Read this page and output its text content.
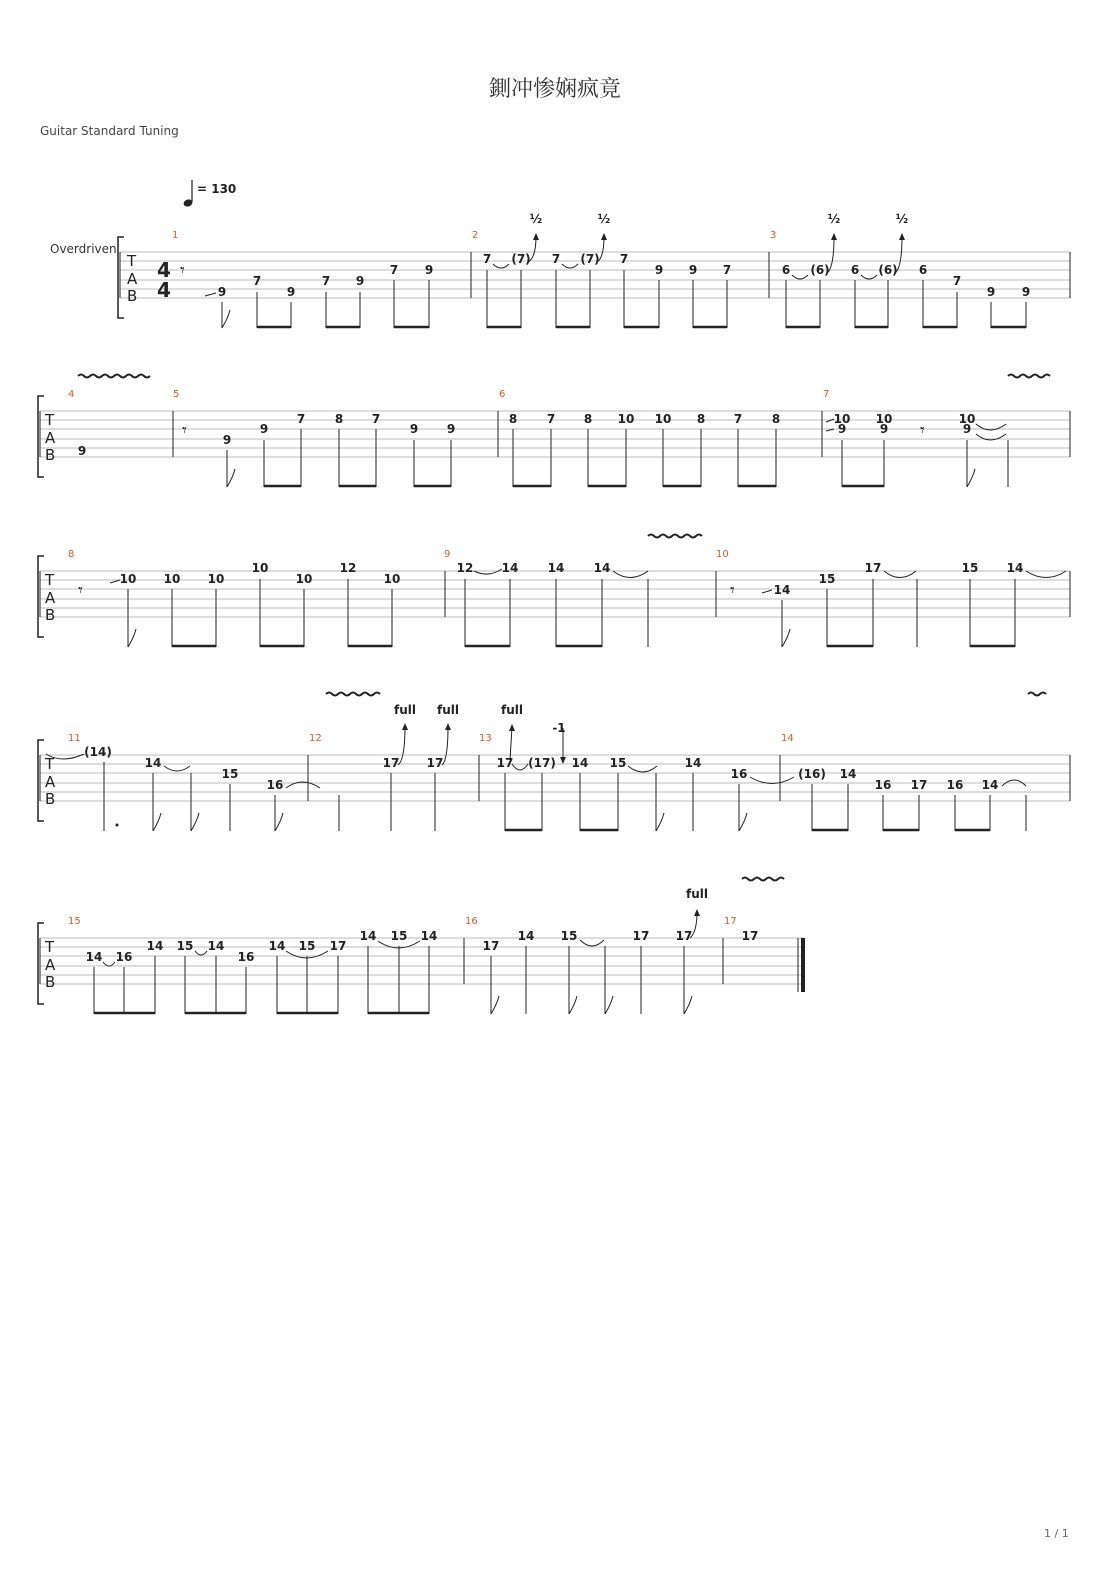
鍘冲惨娴疯竟
Guitar Standard Tuning
1 / 1
= 130
Overdriven
T
A
B
4
4
1	2	3
𝄾
9
7
9
7 9
7 9
7 (7) 7 (7) 7
9 9 7
½	½
6 (6) 6 (6) 6
7
9 9
½	½
T
A
B
4	5	6	7
9
𝄾	9
9
7 8 7
9 9
8 7 8 10 10 8 7 8	10
9
10
9 𝄾
10
9
T
A
B
8	9	10
𝄾
10 10 10
10
10
12
10
12 14 14 14
𝄾	14
15
17	15 14
T
A
B
11	12	13	14
(14)
14
15
16
17 17
full full
17 (17) 14 15	14
full
-1
16	(16) 14
16 17 16 14
T
A
B
15	16	17
14 16
14 15 14
16
14 15 17
14 15 14
17
14 15	17 17
full
17
